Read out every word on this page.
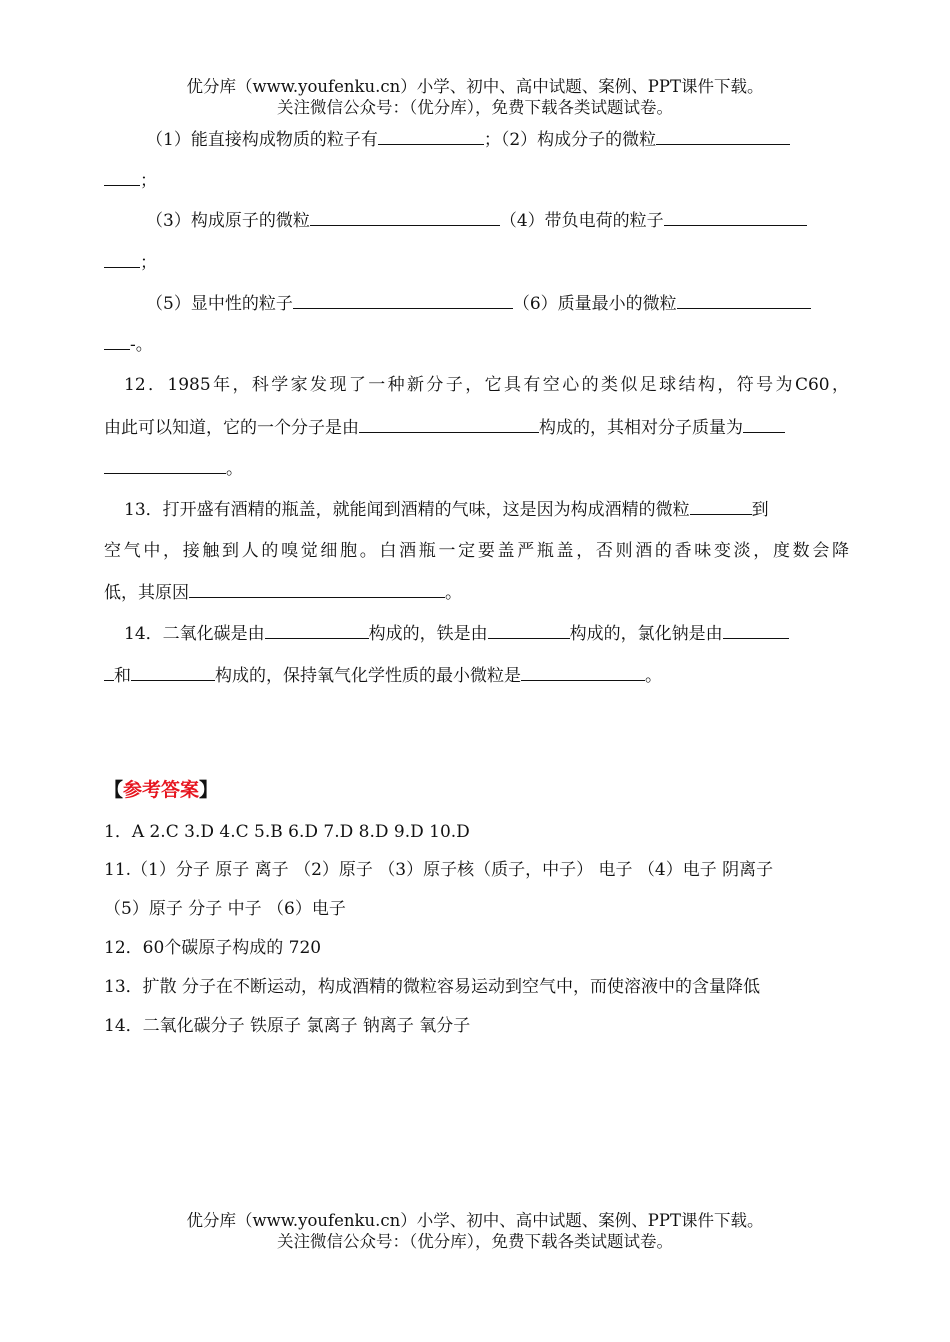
优分库（www.youfenku.cn）小学、初中、高中试题、案例、PPT课件下载。
关注微信公众号：（优分库），免费下载各类试题试卷。
（1）能直接构成物质的粒子有	；（2）构成分子的微粒
；
（3）构成原子的微粒	（4）带负电荷的粒子
；
（5）显中性的粒子	（6）质量最小的微粒
-。
12．1985年，科学家发现了一种新分子，它具有空心的类似足球结构，符号为C60，
由此可以知道，它的一个分子是由	构成的，其相对分子质量为
。
13．打开盛有酒精的瓶盖，就能闻到酒精的气味，这是因为构成酒精的微粒	到
空气中，接触到人的嗅觉细胞。白酒瓶一定要盖严瓶盖，否则酒的香味变淡，度数会降
低，其原因	。
14．二氧化碳是由	构成的，铁是由	构成的，氯化钠是由
和	构成的，保持氧气化学性质的最小微粒是	。
【参考答案】
1．A 2.C 3.D 4.C 5.B 6.D 7.D 8.D 9.D 10.D
11.（1）分子 原子 离子 （2）原子 （3）原子核（质子，中子） 电子 （4）电子 阴离子
（5）原子 分子 中子 （6）电子
12．60个碳原子构成的 720
13．扩散 分子在不断运动，构成酒精的微粒容易运动到空气中，而使溶液中的含量降低
14．二氧化碳分子 铁原子 氯离子 钠离子 氧分子
优分库（www.youfenku.cn）小学、初中、高中试题、案例、PPT课件下载。
关注微信公众号：（优分库），免费下载各类试题试卷。
